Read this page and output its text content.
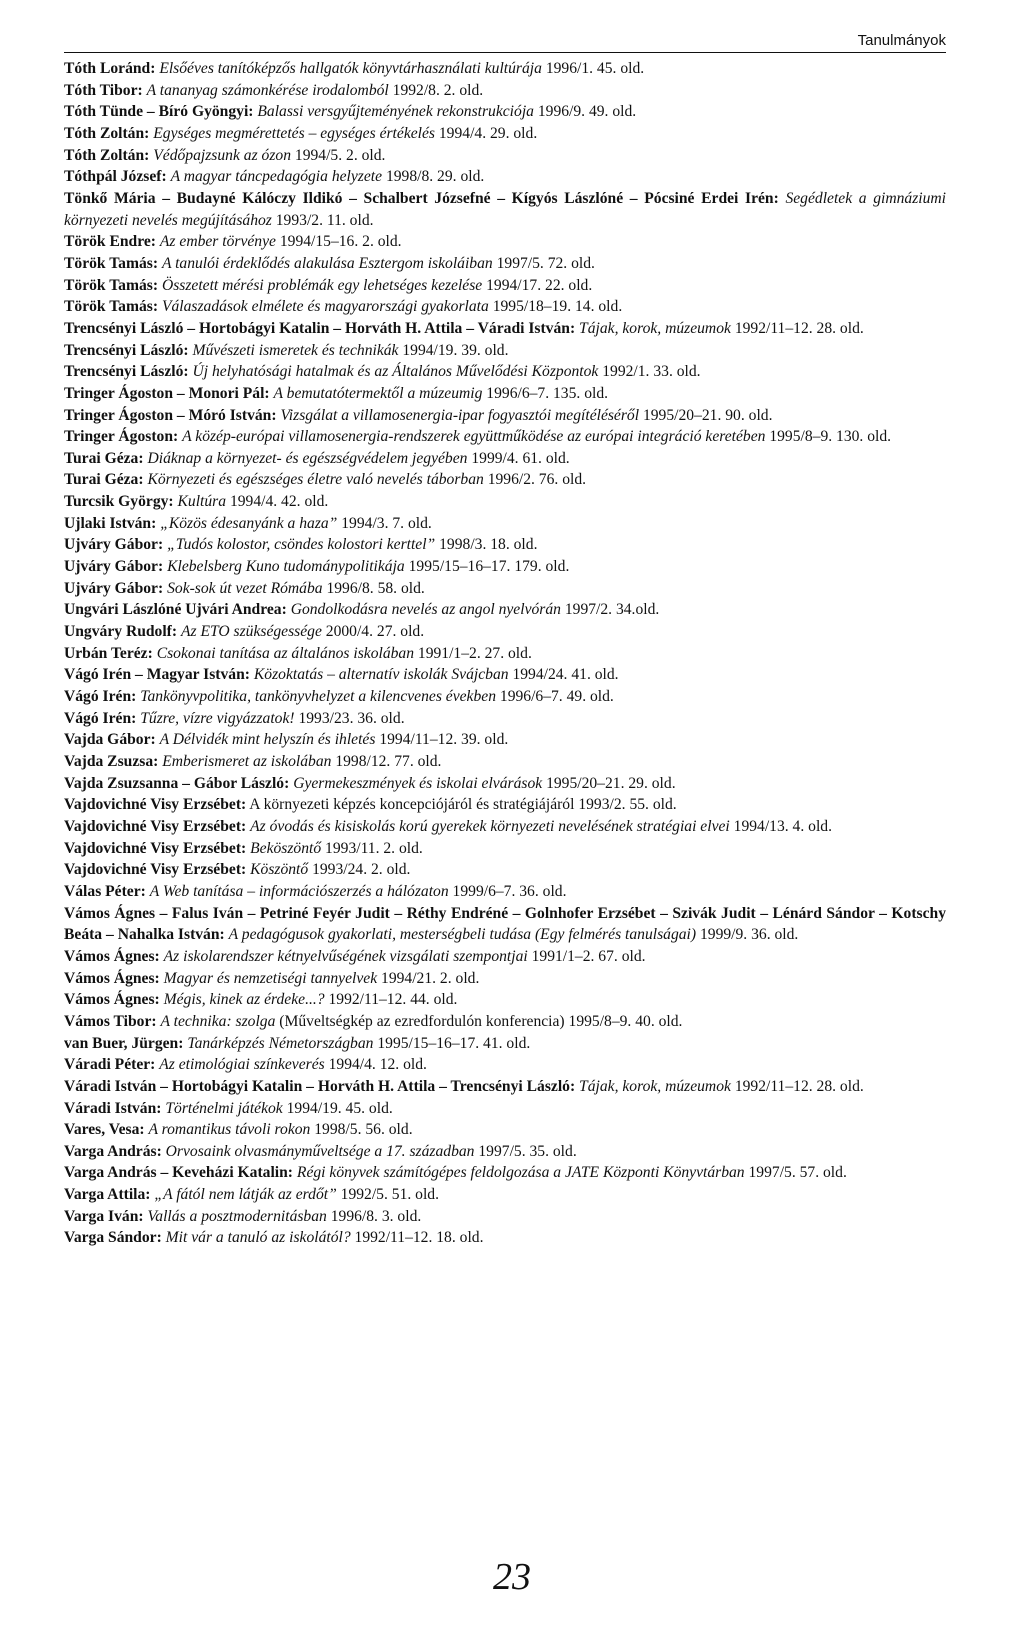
Tanulmányok

Tóth Loránd: Elsőéves tanítóképzős hallgatók könyvtárhasználati kultúrája 1996/1. 45. old.

Tóth Tibor: A tananyag számonkérése irodalomból 1992/8. 2. old.

Tóth Tünde – Bíró Gyöngyi: Balassi versgyűjteményének rekonstrukciója 1996/9. 49. old.

Tóth Zoltán: Egységes megmérettetés – egységes értékelés 1994/4. 29. old.

Tóth Zoltán: Védőpajzsunk az ózon 1994/5. 2. old.

Tóthpál József: A magyar táncpedagógia helyzete 1998/8. 29. old.

Tönkő Mária – Budayné Kálóczy Ildikó – Schalbert Józsefné – Kígyós Lászlóné – Pócsiné Erdei Irén: Segédletek a gimnáziumi környezeti nevelés megújításához 1993/2. 11. old.

Török Endre: Az ember törvénye 1994/15–16. 2. old.

Török Tamás: A tanulói érdeklődés alakulása Esztergom iskoláiban 1997/5. 72. old.

Török Tamás: Összetett mérési problémák egy lehetséges kezelése 1994/17. 22. old.

Török Tamás: Válaszadások elmélete és magyarországi gyakorlata 1995/18–19. 14. old.

Trencsényi László – Hortobágyi Katalin – Horváth H. Attila – Váradi István: Tájak, korok, múzeumok 1992/11–12. 28. old.

Trencsényi László: Művészeti ismeretek és technikák 1994/19. 39. old.

Trencsényi László: Új helyhatósági hatalmak és az Általános Művelődési Központok 1992/1. 33. old.

Tringer Ágoston – Monori Pál: A bemutatótermektől a múzeumig 1996/6–7. 135. old.

Tringer Ágoston – Móró István: Vizsgálat a villamosenergia-ipar fogyasztói megítéléséről 1995/20–21. 90. old.

Tringer Ágoston: A közép-európai villamosenergia-rendszerek együttműködése az európai integráció keretében 1995/8–9. 130. old.

Turai Géza: Diáknap a környezet- és egészségvédelem jegyében 1999/4. 61. old.

Turai Géza: Környezeti és egészséges életre való nevelés táborban 1996/2. 76. old.

Turcsik György: Kultúra 1994/4. 42. old.

Ujlaki István: „Közös édesanyánk a haza” 1994/3. 7. old.

Ujváry Gábor: „Tudós kolostor, csöndes kolostori kerttel” 1998/3. 18. old.

Ujváry Gábor: Klebelsberg Kuno tudománypolitikája 1995/15–16–17. 179. old.

Ujváry Gábor: Sok-sok út vezet Rómába 1996/8. 58. old.

Ungvári Lászlóné Ujvári Andrea: Gondolkodásra nevelés az angol nyelvórán 1997/2. 34.old.

Ungváry Rudolf: Az ETO szükségessége 2000/4. 27. old.

Urbán Teréz: Csokonai tanítása az általános iskolában 1991/1–2. 27. old.

Vágó Irén – Magyar István: Közoktatás – alternatív iskolák Svájcban 1994/24. 41. old.

Vágó Irén: Tankönyvpolitika, tankönyvhelyzet a kilencvenes években 1996/6–7. 49. old.

Vágó Irén: Tűzre, vízre vigyázzatok! 1993/23. 36. old.

Vajda Gábor: A Délvidék mint helyszín és ihletés 1994/11–12. 39. old.

Vajda Zsuzsa: Emberismeret az iskolában 1998/12. 77. old.

Vajda Zsuzsanna – Gábor László: Gyermekeszmények és iskolai elvárások 1995/20–21. 29. old.

Vajdovichné Visy Erzsébet: A környezeti képzés koncepciójáról és stratégiájáról 1993/2. 55. old.

Vajdovichné Visy Erzsébet: Az óvodás és kisiskolás korú gyerekek környezeti nevelésének stratégiai elvei 1994/13. 4. old.

Vajdovichné Visy Erzsébet: Beköszöntő 1993/11. 2. old.

Vajdovichné Visy Erzsébet: Köszöntő 1993/24. 2. old.

Válas Péter: A Web tanítása – információszerzés a hálózaton 1999/6–7. 36. old.

Vámos Ágnes – Falus Iván – Petriné Feyér Judit – Réthy Endréné – Golnhofer Erzsébet – Szivák Judit – Lénárd Sándor – Kotschy Beáta – Nahalka István: A pedagógusok gyakorlati, mesterségbeli tudása (Egy felmérés tanulságai) 1999/9. 36. old.

Vámos Ágnes: Az iskolarendszer kétnyelvűségének vizsgálati szempontjai 1991/1–2. 67. old.

Vámos Ágnes: Magyar és nemzetiségi tannyelvek 1994/21. 2. old.

Vámos Ágnes: Mégis, kinek az érdeke...? 1992/11–12. 44. old.

Vámos Tibor: A technika: szolga (Műveltségkép az ezredfordulón konferencia) 1995/8–9. 40. old.

van Buer, Jürgen: Tanárképzés Németországban 1995/15–16–17. 41. old.

Váradi Péter: Az etimológiai színkeverés 1994/4. 12. old.

Váradi István – Hortobágyi Katalin – Horváth H. Attila – Trencsényi László: Tájak, korok, múzeumok 1992/11–12. 28. old.

Váradi István: Történelmi játékok 1994/19. 45. old.

Vares, Vesa: A romantikus távoli rokon 1998/5. 56. old.

Varga András: Orvosaink olvasmányműveltsége a 17. században 1997/5. 35. old.

Varga András – Keveházi Katalin: Régi könyvek számítógépes feldolgozása a JATE Központi Könyvtárban 1997/5. 57. old.

Varga Attila: „A fától nem látják az erdőt” 1992/5. 51. old.

Varga Iván: Vallás a posztmodernitásban 1996/8. 3. old.

Varga Sándor: Mit vár a tanuló az iskolától? 1992/11–12. 18. old.

23
